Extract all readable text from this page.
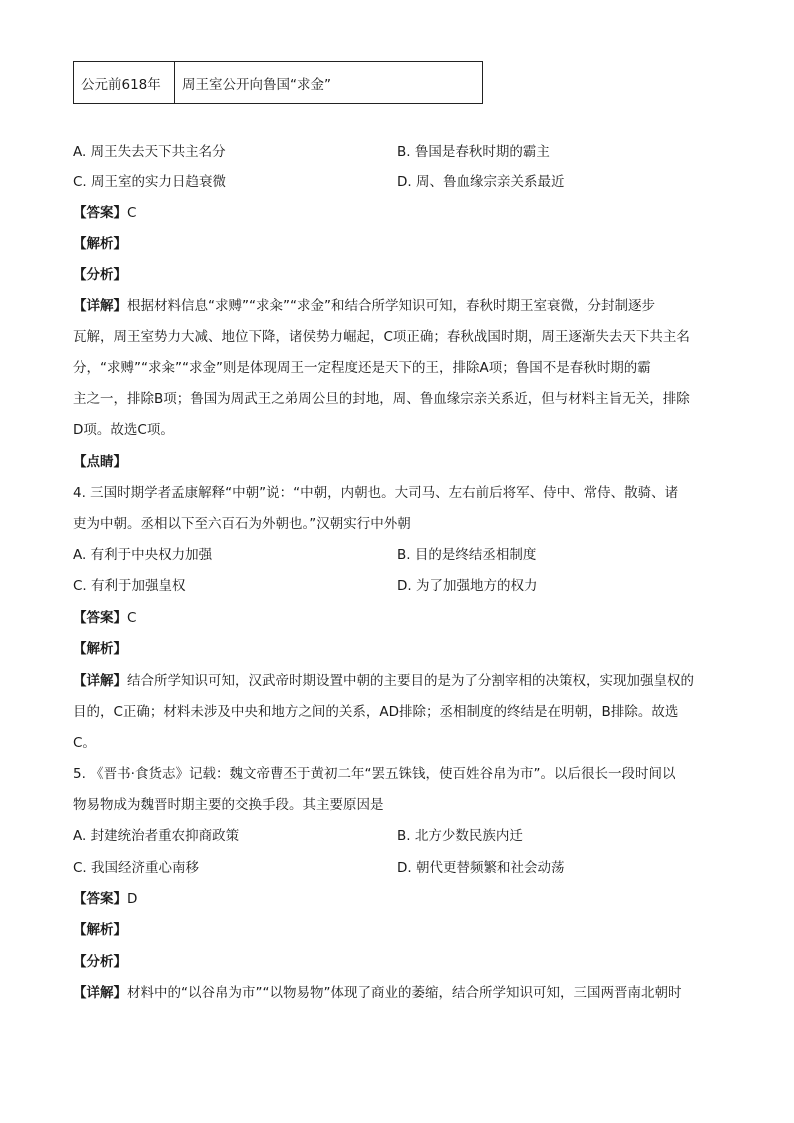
公元前618年	周王室公开向鲁国“求金”
A. 周王失去天下共主名分	B. 鲁国是春秋时期的霸主
C. 周王室的实力日趋衰微	D. 周、鲁血缘宗亲关系最近
【答案】C
【解析】
【分析】
【详解】根据材料信息“求赙”“求籴”“求金”和结合所学知识可知，春秋时期王室衰微，分封制逐步
瓦解，周王室势力大减、地位下降，诸侯势力崛起，C项正确；春秋战国时期，周王逐渐失去天下共主名
分，“求赙”“求籴”“求金”则是体现周王一定程度还是天下的王，排除A项；鲁国不是春秋时期的霸
主之一，排除B项；鲁国为周武王之弟周公旦的封地，周、鲁血缘宗亲关系近，但与材料主旨无关，排除
D项。故选C项。
【点睛】
4. 三国时期学者孟康解释“中朝”说：“中朝，内朝也。大司马、左右前后将军、侍中、常侍、散骑、诸
吏为中朝。丞相以下至六百石为外朝也。”汉朝实行中外朝
A. 有利于中央权力加强	B. 目的是终结丞相制度
C. 有利于加强皇权	D. 为了加强地方的权力
【答案】C
【解析】
【详解】结合所学知识可知，汉武帝时期设置中朝的主要目的是为了分割宰相的决策权，实现加强皇权的
目的，C正确；材料未涉及中央和地方之间的关系，AD排除；丞相制度的终结是在明朝，B排除。故选
C。
5. 《晋书·食货志》记载：魏文帝曹丕于黄初二年“罢五铢钱，使百姓谷帛为市”。以后很长一段时间以
物易物成为魏晋时期主要的交换手段。其主要原因是
A. 封建统治者重农抑商政策	B. 北方少数民族内迁
C. 我国经济重心南移	D. 朝代更替频繁和社会动荡
【答案】D
【解析】
【分析】
【详解】材料中的“以谷帛为市”“以物易物”体现了商业的萎缩，结合所学知识可知，三国两晋南北朝时
